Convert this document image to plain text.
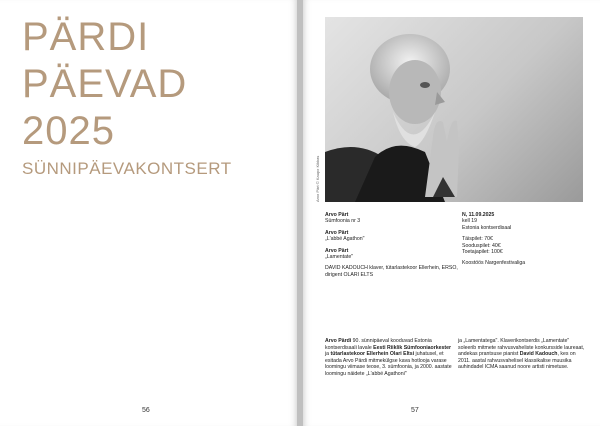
PÄRDI
PÄEVAD
2025
SÜNNIPÄEVAKONTSERT
56
Arvo Pärt © Kaupo Kikkas
Arvo Pärt
Sümfoonia nr 3
Arvo Pärt
„L'abbé Agathon"
Arvo Pärt
„Lamentate"
DAVID KADOUCH klaver, tütarlastekoor Ellerhein, ERSO, dirigent OLARI ELTS
N, 11.09.2025
kell 19
Estonia kontserdisaal
Täispilet: 70€
Sooduspilet: 40€
Toetajapilet: 100€
Koostöös Nargenfestivaliga
Arvo Pärdi 90. sünnipäeval kooduvad Estonia kontserdisaali lavale Eesti Riiklik Sümfooniaorkester ja tütarlastekoor Ellerhein Olari Eltsi juhatusel, et esitada Arvo Pärdi mitmekülgse kava hotlooja varase loomingu viimase teose, 3. sümfoonia, ja 2000. aastate loomingu näidete „L'abbé Agathoni"
ja „Lamentatega". Klaverikontserdis „Lamentate" soleerib mitmete rahvusvaheliste konkursside laureaat, andekas prantsuse pianist David Kadouch, kes on 2011. aastal rahvusvahelisel klassikalise muusika auhindadel ICMA saanud noore artisti nimetuse.
57
